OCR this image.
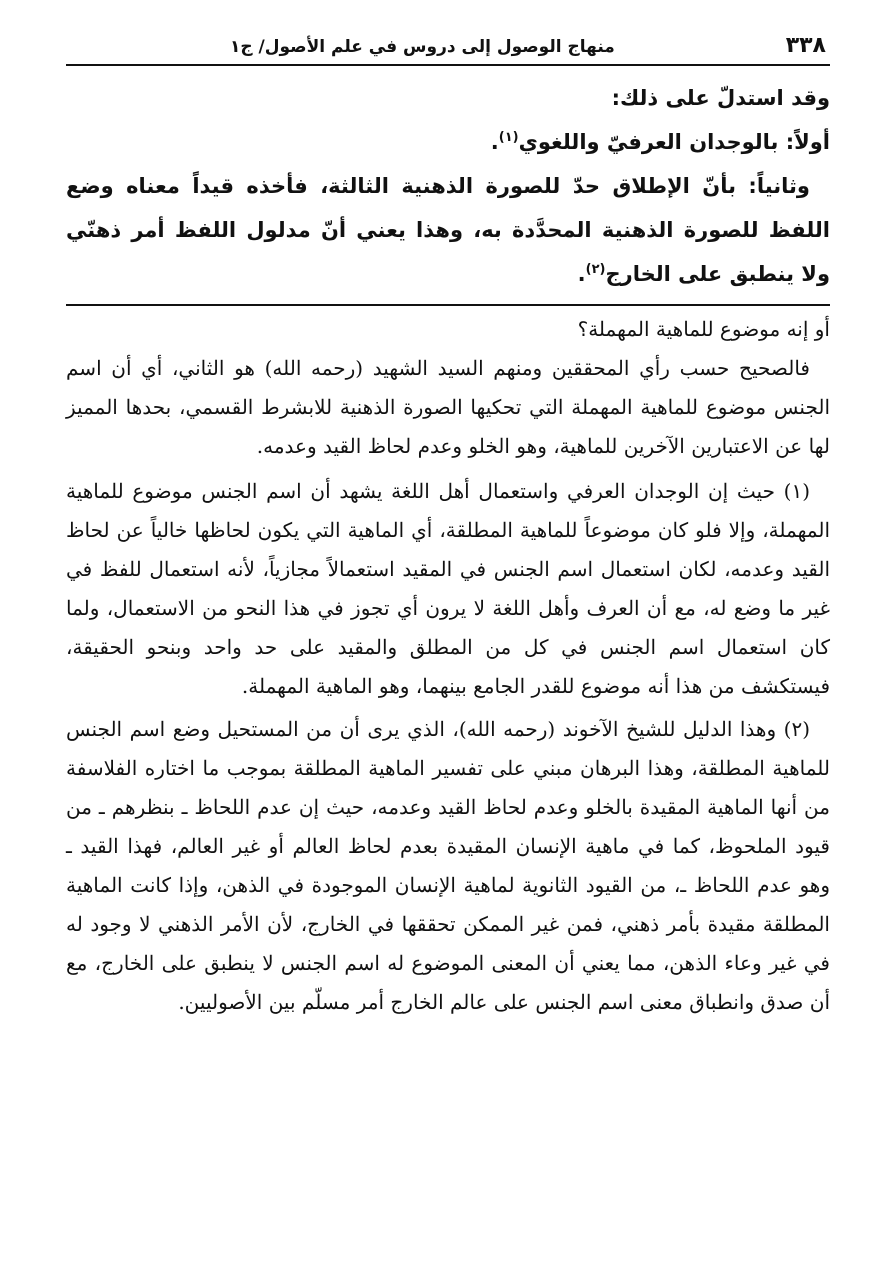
٣٣٨
منهاج الوصول إلى دروس في علم الأصول/ ج١

وقد استدلّ على ذلك:

أولاً: بالوجدان العرفيّ واللغوي$^{(١)}$.

وثانياً: بأنّ الإطلاق حدّ للصورة الذهنية الثالثة، فأخذه قيداً معناه وضع اللفظ للصورة الذهنية المحدَّدة به، وهذا يعني أنّ مدلول اللفظ أمر ذهنّي ولا ينطبق على الخارج$^{(٢)}$.

أو إنه موضوع للماهية المهملة؟

فالصحيح حسب رأي المحققين ومنهم السيد الشهيد (رحمه الله) هو الثاني، أي أن اسم الجنس موضوع للماهية المهملة التي تحكيها الصورة الذهنية للابشرط القسمي، بحدها المميز لها عن الاعتبارين الآخرين للماهية، وهو الخلو وعدم لحاظ القيد وعدمه.

(١) حيث إن الوجدان العرفي واستعمال أهل اللغة يشهد أن اسم الجنس موضوع للماهية المهملة، وإلا فلو كان موضوعاً للماهية المطلقة، أي الماهية التي يكون لحاظها خالياً عن لحاظ القيد وعدمه، لكان استعمال اسم الجنس في المقيد استعمالاً مجازياً، لأنه استعمال للفظ في غير ما وضع له، مع أن العرف وأهل اللغة لا يرون أي تجوز في هذا النحو من الاستعمال، ولما كان استعمال اسم الجنس في كل من المطلق والمقيد على حد واحد وبنحو الحقيقة، فيستكشف من هذا أنه موضوع للقدر الجامع بينهما، وهو الماهية المهملة.

(٢) وهذا الدليل للشيخ الآخوند (رحمه الله)، الذي يرى أن من المستحيل وضع اسم الجنس للماهية المطلقة، وهذا البرهان مبني على تفسير الماهية المطلقة بموجب ما اختاره الفلاسفة من أنها الماهية المقيدة بالخلو وعدم لحاظ القيد وعدمه، حيث إن عدم اللحاظ ـ بنظرهم ـ من قيود الملحوظ، كما في ماهية الإنسان المقيدة بعدم لحاظ العالم أو غير العالم، فهذا القيد ـ وهو عدم اللحاظ ـ، من القيود الثانوية لماهية الإنسان الموجودة في الذهن، وإذا كانت الماهية المطلقة مقيدة بأمر ذهني، فمن غير الممكن تحققها في الخارج، لأن الأمر الذهني لا وجود له في غير وعاء الذهن، مما يعني أن المعنى الموضوع له اسم الجنس لا ينطبق على الخارج، مع أن صدق وانطباق معنى اسم الجنس على عالم الخارج أمر مسلّم بين الأصوليين.
